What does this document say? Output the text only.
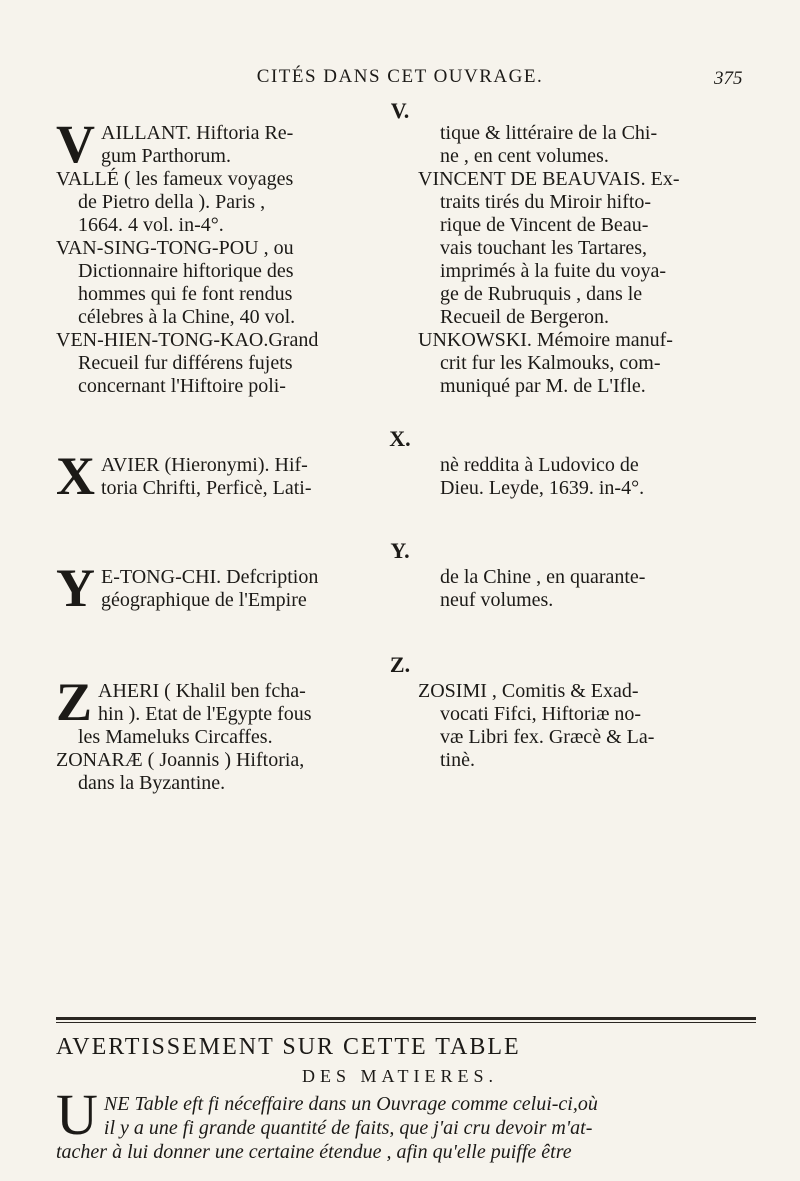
CITÉS DANS CET OUVRAGE.	375
V.
V AILLANT. Hiftoria Re-

gum Parthorum.

VALLÉ ( les fameux voyages

de Pietro della ). Paris ,

1664. 4 vol. in-4°.

VAN-SING-TONG-POU , ou

Dictionnaire hiftorique des

hommes qui fe font rendus

célebres à la Chine, 40 vol.

VEN-HIEN-TONG-KAO.Grand

Recueil fur différens fujets

concernant l'Hiftoire poli-

tique & littéraire de la Chi-

ne , en cent volumes.

VINCENT DE BEAUVAIS. Ex-

traits tirés du Miroir hifto-

rique de Vincent de Beau-

vais touchant les Tartares,

imprimés à la fuite du voya-

ge de Rubruquis , dans le

Recueil de Bergeron.

UNKOWSKI. Mémoire manuf-

crit fur les Kalmouks, com-

muniqué par M. de L'Ifle.

X.
X AVIER (Hieronymi). Hif-

toria Chrifti, Perficè, Lati-

nè reddita à Ludovico de

Dieu. Leyde, 1639. in-4°.

Y.
Y E-TONG-CHI. Defcription

géographique de l'Empire

de la Chine , en quarante-

neuf volumes.

Z.
Z AHERI ( Khalil ben fcha-

hin ). Etat de l'Egypte fous

les Mameluks Circaffes.

ZONARÆ ( Joannis ) Hiftoria,

dans la Byzantine.

ZOSIMI , Comitis & Exad-

vocati Fifci, Hiftoriæ no-

væ Libri fex. Græcè & La-

tinè.

AVERTISSEMENT SUR CETTE TABLE
DES MATIERES.
U NE Table eft fi néceffaire dans un Ouvrage comme celui-ci,où

il y a une fi grande quantité de faits, que j'ai cru devoir m'at-

tacher à lui donner une certaine étendue , afin qu'elle puiffe être
